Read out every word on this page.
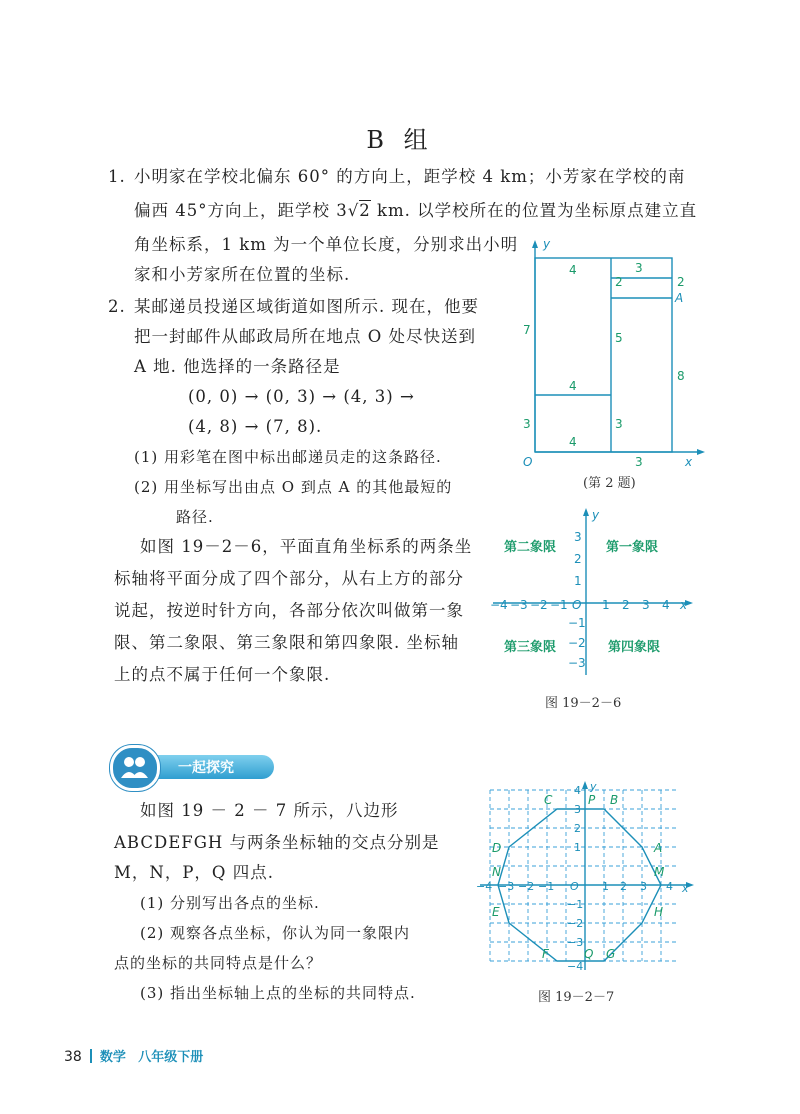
B 组
1. 小明家在学校北偏东 60° 的方向上，距学校 4 km；小芳家在学校的南
偏西 45°方向上，距学校 3√2 km. 以学校所在的位置为坐标原点建立直
角坐标系，1 km 为一个单位长度，分别求出小明
家和小芳家所在位置的坐标.
2. 某邮递员投递区域街道如图所示. 现在，他要
把一封邮件从邮政局所在地点 O 处尽快送到
A 地. 他选择的一条路径是
(0, 0) → (0, 3) → (4, 3) →
(4, 8) → (7, 8).
(1) 用彩笔在图中标出邮递员走的这条路径.
(2) 用坐标写出由点 O 到点 A 的其他最短的
路径.
4
2
3
2
7
5
8
4
3	3
4
3
A
O	x
y
(第 2 题)
如图 19－2－6，平面直角坐标系的两条坐
标轴将平面分成了四个部分，从右上方的部分
说起，按逆时针方向，各部分依次叫做第一象
限、第二象限、第三象限和第四象限. 坐标轴
上的点不属于任何一个象限.
第二象限	第一象限
第三象限	第四象限
−4 −3 −2 −1 O 1 2 3 4 x
y
3
2
1
−1
−2
−3
图 19－2－6
一起探究
如图 19 － 2 － 7 所示，八边形
ABCDEFGH 与两条坐标轴的交点分别是
M，N，P，Q 四点.
(1) 分别写出各点的坐标.
(2) 观察各点坐标，你认为同一象限内
点的坐标的共同特点是什么？
(3) 指出坐标轴上点的坐标的共同特点.
C	P B
D	A
N	M
E	H
F	Q G
−4 −3 −2 −1 O 1 2 3 4 x
y
4
3
2
1
−1
−2
−3
−4
图 19－2－7
38 数学 八年级下册
